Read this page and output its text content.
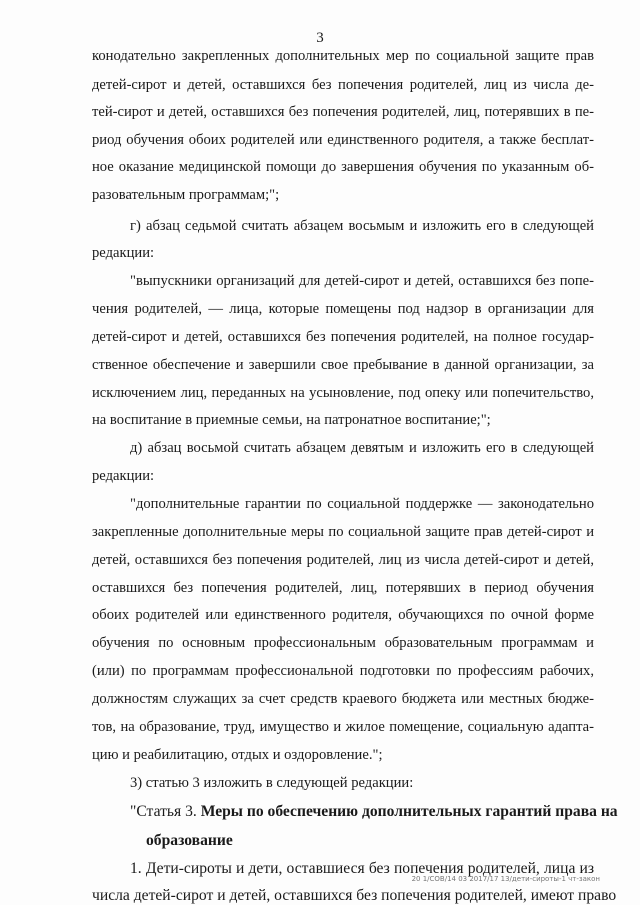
3
конодательно закрепленных дополнительных мер по социальной защите прав
детей-сирот и детей, оставшихся без попечения родителей, лиц из числа де-
тей-сирот и детей, оставшихся без попечения родителей, лиц, потерявших в пе-
риод обучения обоих родителей или единственного родителя, а также бесплат-
ное оказание медицинской помощи до завершения обучения по указанным об-
разовательным программам;";
г) абзац седьмой считать абзацем восьмым и изложить его в следующей
редакции:
"выпускники организаций для детей-сирот и детей, оставшихся без попе-
чения родителей, — лица, которые помещены под надзор в организации для
детей-сирот и детей, оставшихся без попечения родителей, на полное государ-
ственное обеспечение и завершили свое пребывание в данной организации, за
исключением лиц, переданных на усыновление, под опеку или попечительство,
на воспитание в приемные семьи, на патронатное воспитание;";
д) абзац восьмой считать абзацем девятым и изложить его в следующей
редакции:
"дополнительные гарантии по социальной поддержке — законодательно
закрепленные дополнительные меры по социальной защите прав детей-сирот и
детей, оставшихся без попечения родителей, лиц из числа детей-сирот и детей,
оставшихся без попечения родителей, лиц, потерявших в период обучения
обоих родителей или единственного родителя, обучающихся по очной форме
обучения по основным профессиональным образовательным программам и
(или) по программам профессиональной подготовки по профессиям рабочих,
должностям служащих за счет средств краевого бюджета или местных бюдже-
тов, на образование, труд, имущество и жилое помещение, социальную адапта-
цию и реабилитацию, отдых и оздоровление.";
3) статью 3 изложить в следующей редакции:
"Статья 3. Меры по обеспечению дополнительных гарантий права на
образование
1. Дети-сироты и дети, оставшиеся без попечения родителей, лица из
числа детей-сирот и детей, оставшихся без попечения родителей, имеют право
20 1/СОВ/14 03 2017/17 13/дети-сироты-1 чт-закон
